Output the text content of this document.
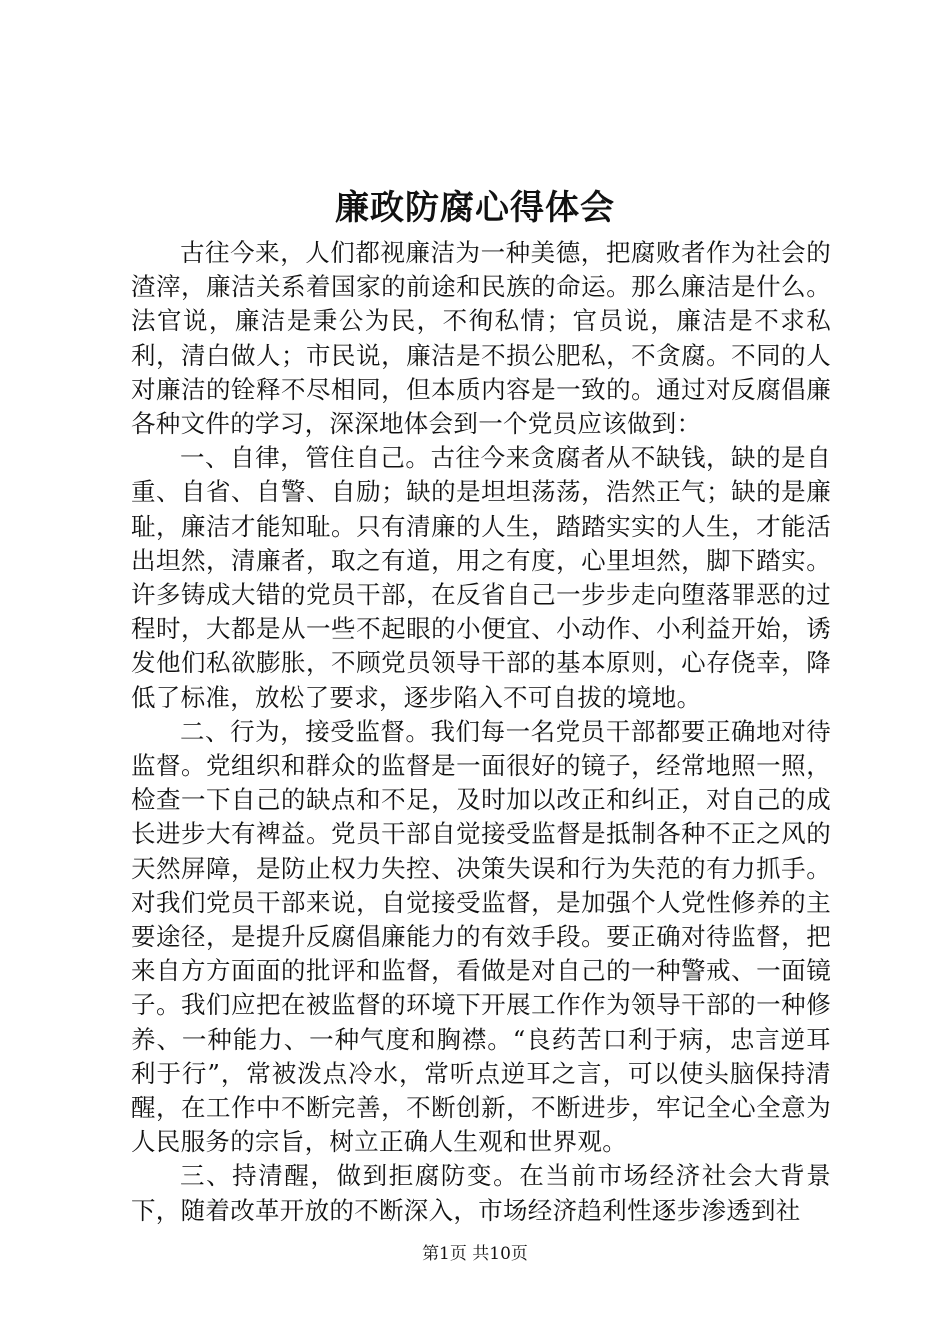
廉政防腐心得体会

古往今来，人们都视廉洁为一种美德，把腐败者作为社会的渣滓，廉洁关系着国家的前途和民族的命运。那么廉洁是什么。法官说，廉洁是秉公为民，不徇私情；官员说，廉洁是不求私利，清白做人；市民说，廉洁是不损公肥私，不贪腐。不同的人对廉洁的铨释不尽相同，但本质内容是一致的。通过对反腐倡廉各种文件的学习，深深地体会到一个党员应该做到：

一、自律，管住自己。古往今来贪腐者从不缺钱，缺的是自重、自省、自警、自励；缺的是坦坦荡荡，浩然正气；缺的是廉耻，廉洁才能知耻。只有清廉的人生，踏踏实实的人生，才能活出坦然，清廉者，取之有道，用之有度，心里坦然，脚下踏实。许多铸成大错的党员干部，在反省自己一步步走向堕落罪恶的过程时，大都是从一些不起眼的小便宜、小动作、小利益开始，诱发他们私欲膨胀，不顾党员领导干部的基本原则，心存侥幸，降低了标准，放松了要求，逐步陷入不可自拔的境地。

二、行为，接受监督。我们每一名党员干部都要正确地对待监督。党组织和群众的监督是一面很好的镜子，经常地照一照，检查一下自己的缺点和不足，及时加以改正和纠正，对自己的成长进步大有裨益。党员干部自觉接受监督是抵制各种不正之风的天然屏障，是防止权力失控、决策失误和行为失范的有力抓手。对我们党员干部来说，自觉接受监督，是加强个人党性修养的主要途径，是提升反腐倡廉能力的有效手段。要正确对待监督，把来自方方面面的批评和监督，看做是对自己的一种警戒、一面镜子。我们应把在被监督的环境下开展工作作为领导干部的一种修养、一种能力、一种气度和胸襟。“良药苦口利于病，忠言逆耳利于行”，常被泼点冷水，常听点逆耳之言，可以使头脑保持清醒，在工作中不断完善，不断创新，不断进步，牢记全心全意为人民服务的宗旨，树立正确人生观和世界观。

三、持清醒，做到拒腐防变。在当前市场经济社会大背景下，随着改革开放的不断深入，市场经济趋利性逐步渗透到社

第1页 共10页
